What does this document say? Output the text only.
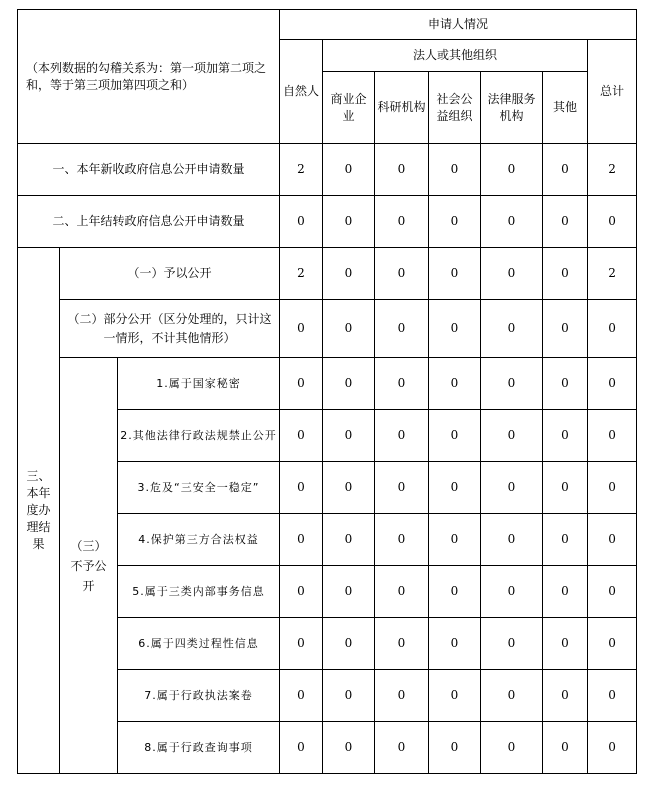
（本列数据的勾稽关系为：第一项加第二项之和，等于第三项加第四项之和）			申请人情况						
			自然人	法人或其他组织					总计
				商业企业	科研机构	社会公益组织	法律服务机构	其他	
一、本年新收政府信息公开申请数量			2	0	0	0	0	0	2
二、上年结转政府信息公开申请数量			0	0	0	0	0	0	0
三、本年度办理结果	（一）予以公开		2	0	0	0	0	0	2
	（二）部分公开（区分处理的，只计这一情形，不计其他情形）		0	0	0	0	0	0	0
	（三）不予公开	1.属于国家秘密	0	0	0	0	0	0	0
		2.其他法律行政法规禁止公开	0	0	0	0	0	0	0
		3.危及“三安全一稳定”	0	0	0	0	0	0	0
		4.保护第三方合法权益	0	0	0	0	0	0	0
		5.属于三类内部事务信息	0	0	0	0	0	0	0
		6.属于四类过程性信息	0	0	0	0	0	0	0
		7.属于行政执法案卷	0	0	0	0	0	0	0
		8.属于行政查询事项	0	0	0	0	0	0	0
